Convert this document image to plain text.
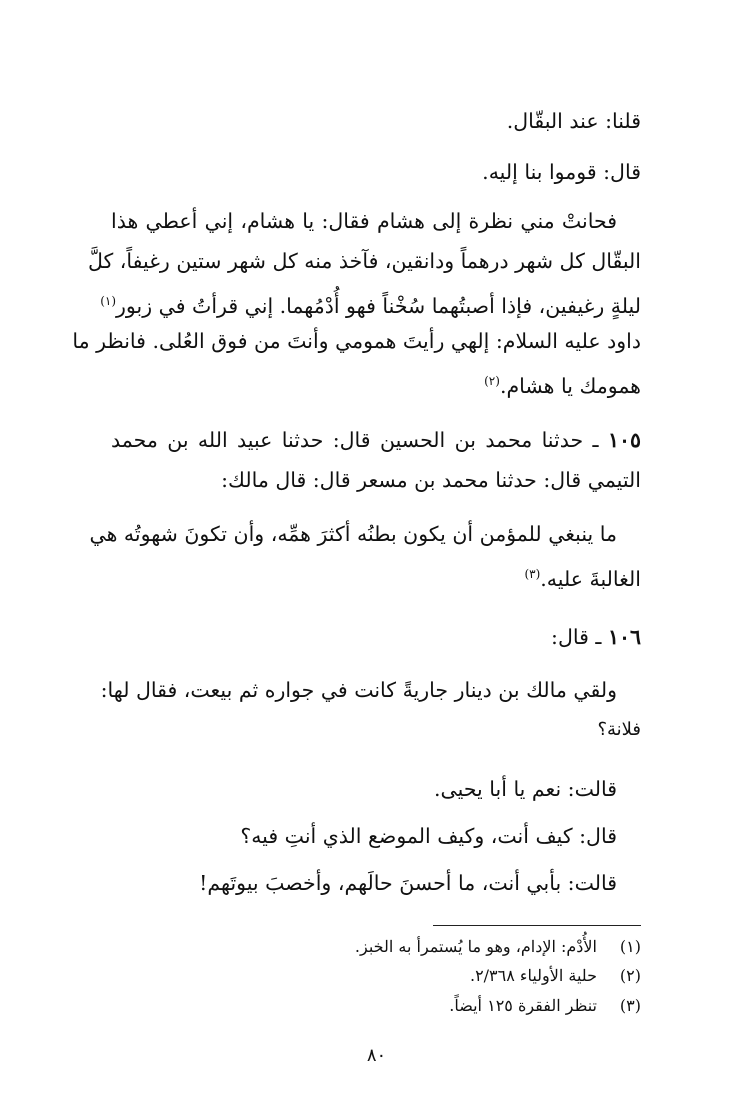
قلنا: عند البقّال.
قال: قوموا بنا إليه.
فحانتْ مني نظرة إلى هشام فقال: يا هشام، إني أعطي هذا
البقّال كل شهر درهماً ودانقين، فآخذ منه كل شهر ستين رغيفاً، كلَّ
ليلةٍ رغيفين، فإذا أصبتُهما سُخْناً فهو أُدْمُهما. إني قرأتُ في زبور$^{(١)}$
داود عليه السلام: إلهي رأيتَ همومي وأنتَ من فوق العُلى. فانظر ما
همومك يا هشام.$^{(٢)}$
١٠٥ ـ حدثنا محمد بن الحسين قال: حدثنا عبيد الله بن محمد
التيمي قال: حدثنا محمد بن مسعر قال: قال مالك:
ما ينبغي للمؤمن أن يكون بطنُه أكثرَ همِّه، وأن تكونَ شهوتُه هي
الغالبةَ عليه.$^{(٣)}$
١٠٦ ـ قال:
ولقي مالك بن دينار جاريةً كانت في جواره ثم بيعت، فقال لها:
فلانة؟
قالت: نعم يا أبا يحيى.
قال: كيف أنت، وكيف الموضع الذي أنتِ فيه؟
قالت: بأبي أنت، ما أحسنَ حالَهم، وأخصبَ بيوتَهم!
(١)الأُدْم: الإدام، وهو ما يُستمرأ به الخبز.
(٢)حلية الأولياء ٢/٣٦٨.
(٣)تنظر الفقرة ١٢٥ أيضاً.
٨٠
